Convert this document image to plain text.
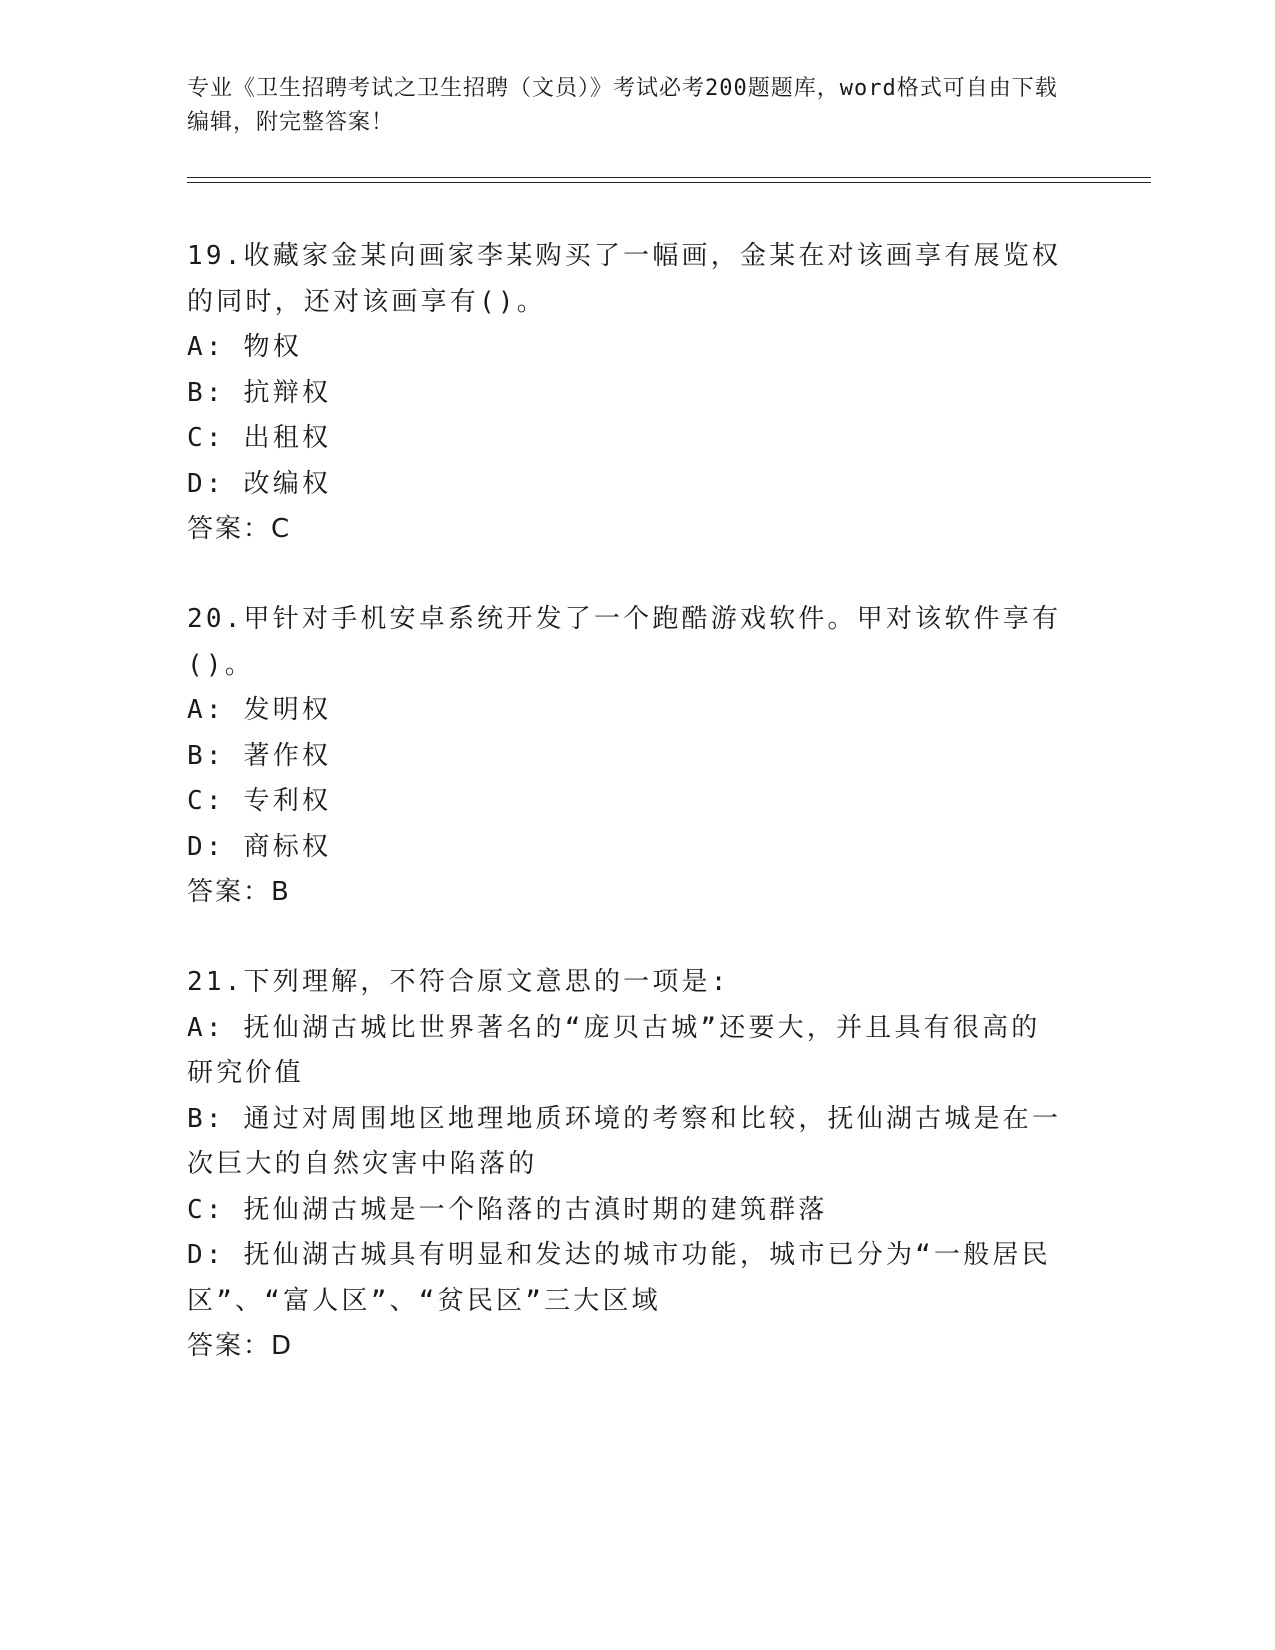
专业《卫生招聘考试之卫生招聘（文员）》考试必考200题题库，word格式可自由下载编辑，附完整答案！

19.收藏家金某向画家李某购买了一幅画，金某在对该画享有展览权的同时，还对该画享有()。

A: 物权

B: 抗辩权

C: 出租权

D: 改编权

答案：C

20.甲针对手机安卓系统开发了一个跑酷游戏软件。甲对该软件享有()。

A: 发明权

B: 著作权

C: 专利权

D: 商标权

答案：B

21.下列理解，不符合原文意思的一项是:

A: 抚仙湖古城比世界著名的“庞贝古城”还要大，并且具有很高的研究价值

B: 通过对周围地区地理地质环境的考察和比较，抚仙湖古城是在一次巨大的自然灾害中陷落的

C: 抚仙湖古城是一个陷落的古滇时期的建筑群落

D: 抚仙湖古城具有明显和发达的城市功能，城市已分为“一般居民区”、“富人区”、“贫民区”三大区域

答案：D
